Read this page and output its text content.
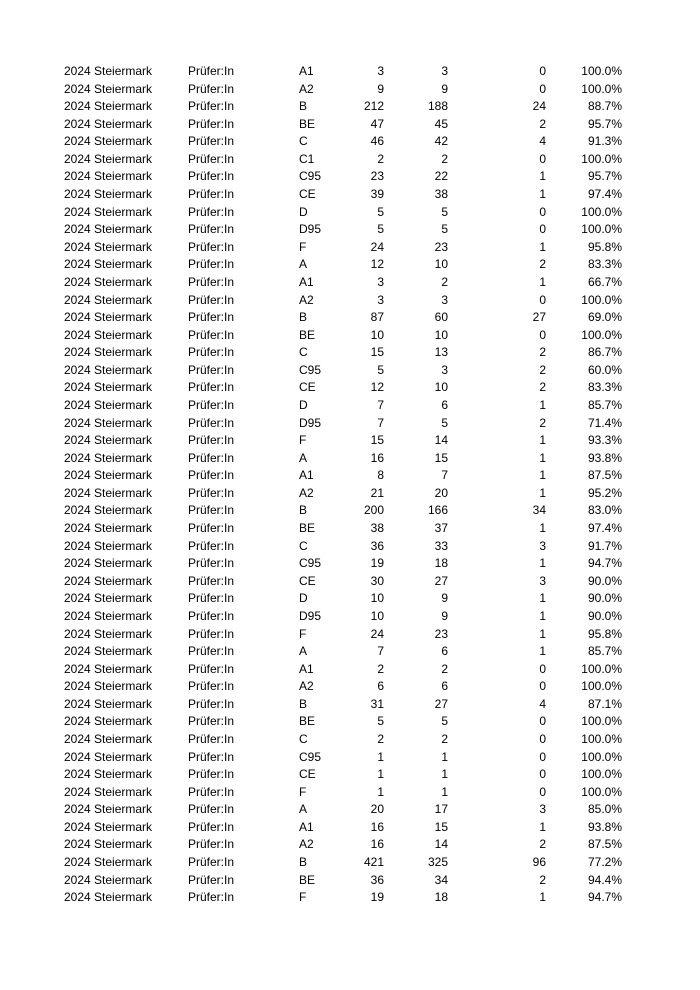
2024 Steiermark	Prüfer:In	A1	3	3	0	100.0%
2024 Steiermark	Prüfer:In	A2	9	9	0	100.0%
2024 Steiermark	Prüfer:In	B	212	188	24	88.7%
2024 Steiermark	Prüfer:In	BE	47	45	2	95.7%
2024 Steiermark	Prüfer:In	C	46	42	4	91.3%
2024 Steiermark	Prüfer:In	C1	2	2	0	100.0%
2024 Steiermark	Prüfer:In	C95	23	22	1	95.7%
2024 Steiermark	Prüfer:In	CE	39	38	1	97.4%
2024 Steiermark	Prüfer:In	D	5	5	0	100.0%
2024 Steiermark	Prüfer:In	D95	5	5	0	100.0%
2024 Steiermark	Prüfer:In	F	24	23	1	95.8%
2024 Steiermark	Prüfer:In	A	12	10	2	83.3%
2024 Steiermark	Prüfer:In	A1	3	2	1	66.7%
2024 Steiermark	Prüfer:In	A2	3	3	0	100.0%
2024 Steiermark	Prüfer:In	B	87	60	27	69.0%
2024 Steiermark	Prüfer:In	BE	10	10	0	100.0%
2024 Steiermark	Prüfer:In	C	15	13	2	86.7%
2024 Steiermark	Prüfer:In	C95	5	3	2	60.0%
2024 Steiermark	Prüfer:In	CE	12	10	2	83.3%
2024 Steiermark	Prüfer:In	D	7	6	1	85.7%
2024 Steiermark	Prüfer:In	D95	7	5	2	71.4%
2024 Steiermark	Prüfer:In	F	15	14	1	93.3%
2024 Steiermark	Prüfer:In	A	16	15	1	93.8%
2024 Steiermark	Prüfer:In	A1	8	7	1	87.5%
2024 Steiermark	Prüfer:In	A2	21	20	1	95.2%
2024 Steiermark	Prüfer:In	B	200	166	34	83.0%
2024 Steiermark	Prüfer:In	BE	38	37	1	97.4%
2024 Steiermark	Prüfer:In	C	36	33	3	91.7%
2024 Steiermark	Prüfer:In	C95	19	18	1	94.7%
2024 Steiermark	Prüfer:In	CE	30	27	3	90.0%
2024 Steiermark	Prüfer:In	D	10	9	1	90.0%
2024 Steiermark	Prüfer:In	D95	10	9	1	90.0%
2024 Steiermark	Prüfer:In	F	24	23	1	95.8%
2024 Steiermark	Prüfer:In	A	7	6	1	85.7%
2024 Steiermark	Prüfer:In	A1	2	2	0	100.0%
2024 Steiermark	Prüfer:In	A2	6	6	0	100.0%
2024 Steiermark	Prüfer:In	B	31	27	4	87.1%
2024 Steiermark	Prüfer:In	BE	5	5	0	100.0%
2024 Steiermark	Prüfer:In	C	2	2	0	100.0%
2024 Steiermark	Prüfer:In	C95	1	1	0	100.0%
2024 Steiermark	Prüfer:In	CE	1	1	0	100.0%
2024 Steiermark	Prüfer:In	F	1	1	0	100.0%
2024 Steiermark	Prüfer:In	A	20	17	3	85.0%
2024 Steiermark	Prüfer:In	A1	16	15	1	93.8%
2024 Steiermark	Prüfer:In	A2	16	14	2	87.5%
2024 Steiermark	Prüfer:In	B	421	325	96	77.2%
2024 Steiermark	Prüfer:In	BE	36	34	2	94.4%
2024 Steiermark	Prüfer:In	F	19	18	1	94.7%
